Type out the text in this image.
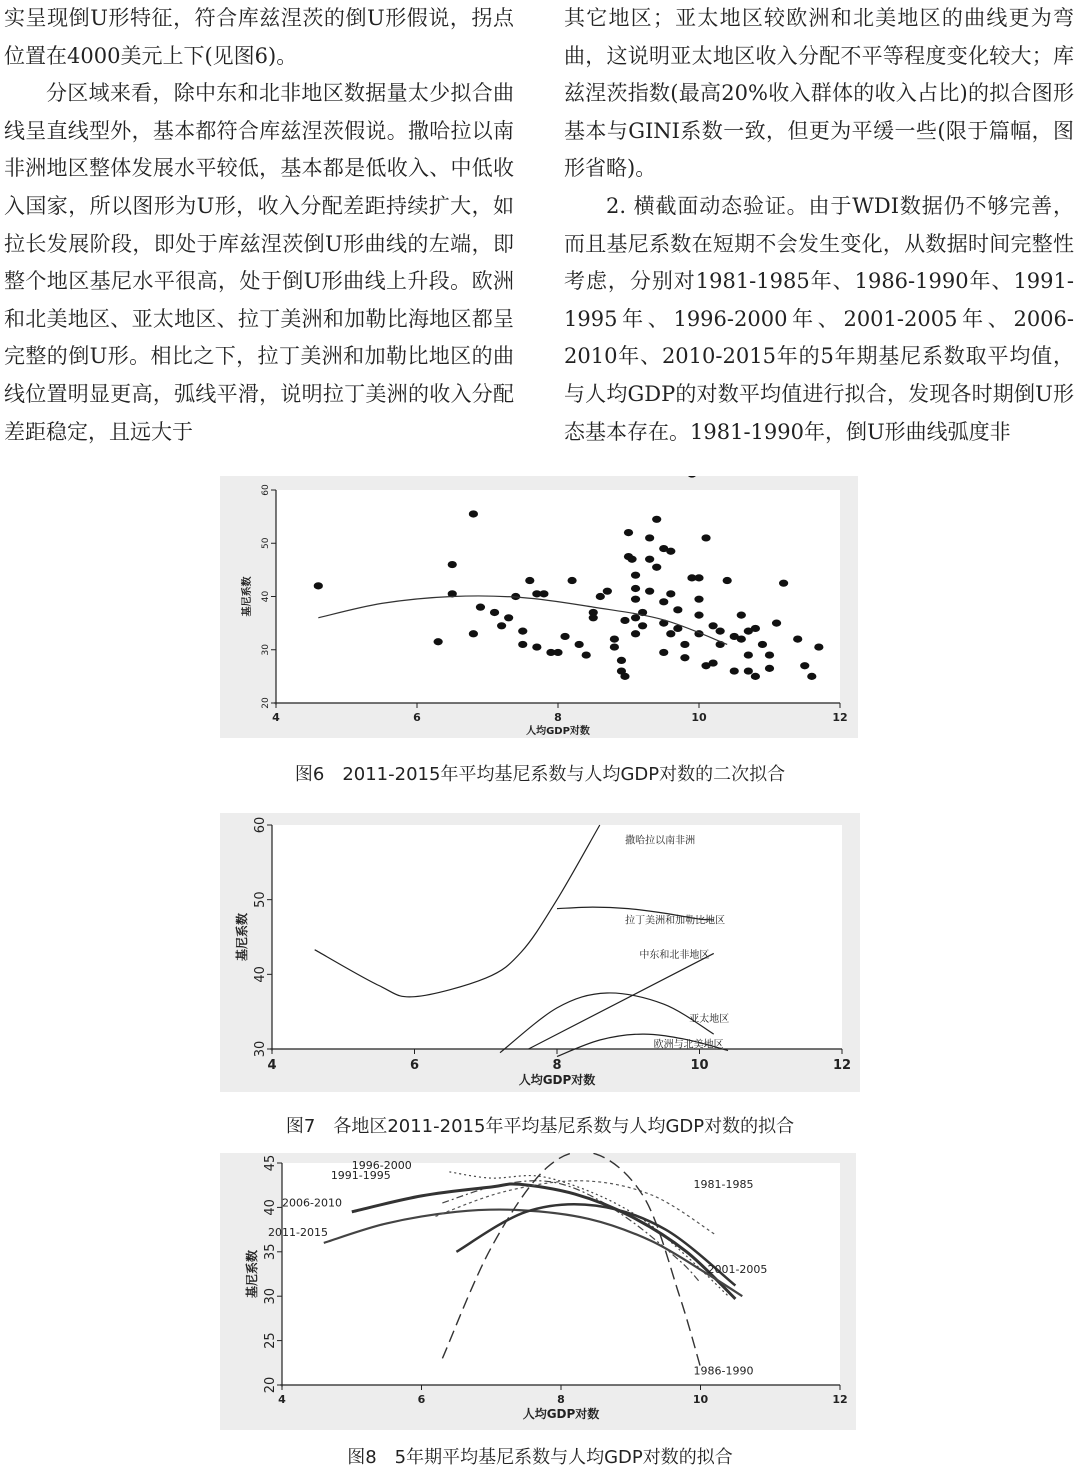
实呈现倒U形特征，符合库兹涅茨的倒U形假说，拐点位置在4000美元上下(见图6)。

分区域来看，除中东和北非地区数据量太少拟合曲线呈直线型外，基本都符合库兹涅茨假说。撒哈拉以南非洲地区整体发展水平较低，基本都是低收入、中低收入国家，所以图形为U形，收入分配差距持续扩大，如拉长发展阶段，即处于库兹涅茨倒U形曲线的左端，即整个地区基尼水平很高，处于倒U形曲线上升段。欧洲和北美地区、亚太地区、拉丁美洲和加勒比海地区都呈完整的倒U形。相比之下，拉丁美洲和加勒比地区的曲线位置明显更高，弧线平滑，说明拉丁美洲的收入分配差距稳定，且远大于

其它地区；亚太地区较欧洲和北美地区的曲线更为弯曲，这说明亚太地区收入分配不平等程度变化较大；库兹涅茨指数(最高20%收入群体的收入占比)的拟合图形基本与GINI系数一致，但更为平缓一些(限于篇幅，图形省略)。

2. 横截面动态验证。由于WDI数据仍不够完善，而且基尼系数在短期不会发生变化，从数据时间完整性考虑，分别对1981-1985年、1986-1990年、1991-1995年、1996-2000年、2001-2005年、2006-2010年、2010-2015年的5年期基尼系数取平均值，与人均GDP的对数平均值进行拟合，发现各时期倒U形态基本存在。1981-1990年，倒U形曲线弧度非

4	6	8	10	12
20
30
40
50
60
人均GDP对数
基尼系数
图6　2011-2015年平均基尼系数与人均GDP对数的二次拟合
4	6	8	10	12
30
40
50
60
人均GDP对数
基尼系数
撒哈拉以南非洲
拉丁美洲和加勒比地区
中东和北非地区
亚太地区
欧洲与北美地区
图7　各地区2011-2015年平均基尼系数与人均GDP对数的拟合
4	6	8	10	12
20
25
30
35
40
45
人均GDP对数
基尼系数
1996-2000
1991-1995
2006-2010
2011-2015
1981-1985
2001-2005
1986-1990
图8　5年期平均基尼系数与人均GDP对数的拟合
